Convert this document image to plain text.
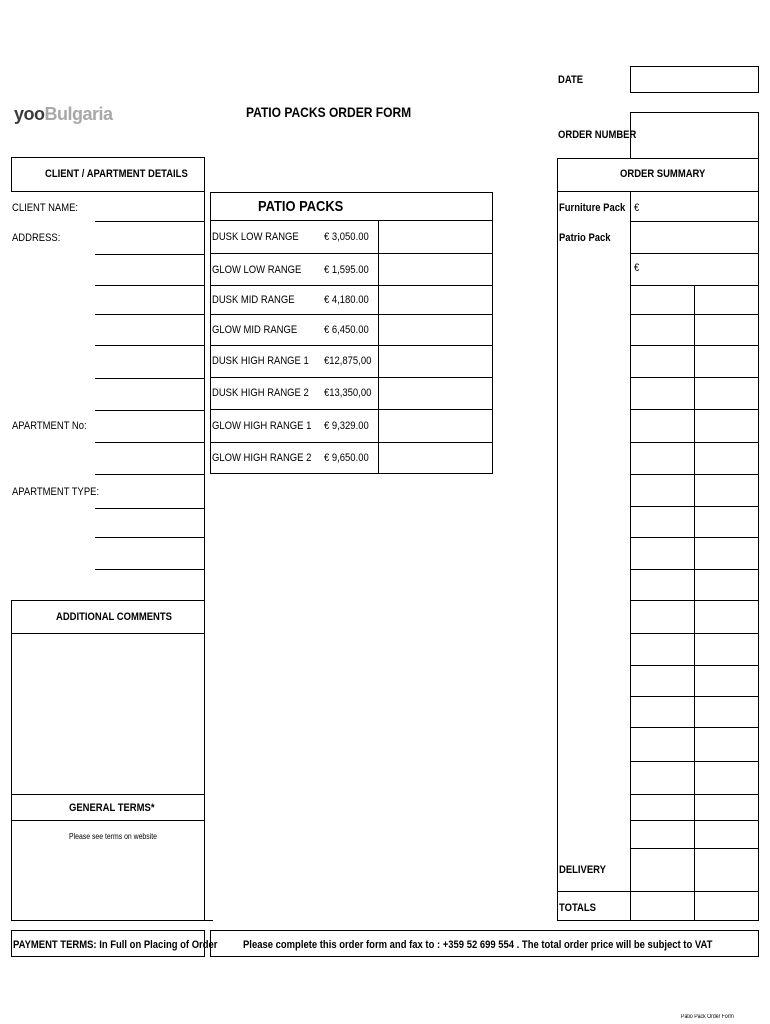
yooBulgaria	PATIO PACKS ORDER FORM
DATE
ORDER NUMBER
CLIENT / APARTMENT DETAILS
CLIENT NAME:
ADDRESS:
APARTMENT No:
APARTMENT TYPE:
ADDITIONAL COMMENTS
GENERAL TERMS*
Please see terms on website
PATIO PACKS
DUSK LOW RANGE € 3,050.00
GLOW LOW RANGE € 1,595.00
DUSK MID RANGE	€ 4,180.00
GLOW MID RANGE € 6,450.00
DUSK HIGH RANGE 1 €12,875,00
DUSK HIGH RANGE 2 €13,350,00
GLOW HIGH RANGE 1 € 9,329.00
GLOW HIGH RANGE 2 € 9,650.00
ORDER SUMMARY
Furniture Pack €
Patrio Pack
€
DELIVERY
TOTALS
PAYMENT TERMS: In Full on Placing of Order Please complete this order form and fax to : +359 52 699 554 . The total order price will be subject to VAT
Patio Pack Order Form
